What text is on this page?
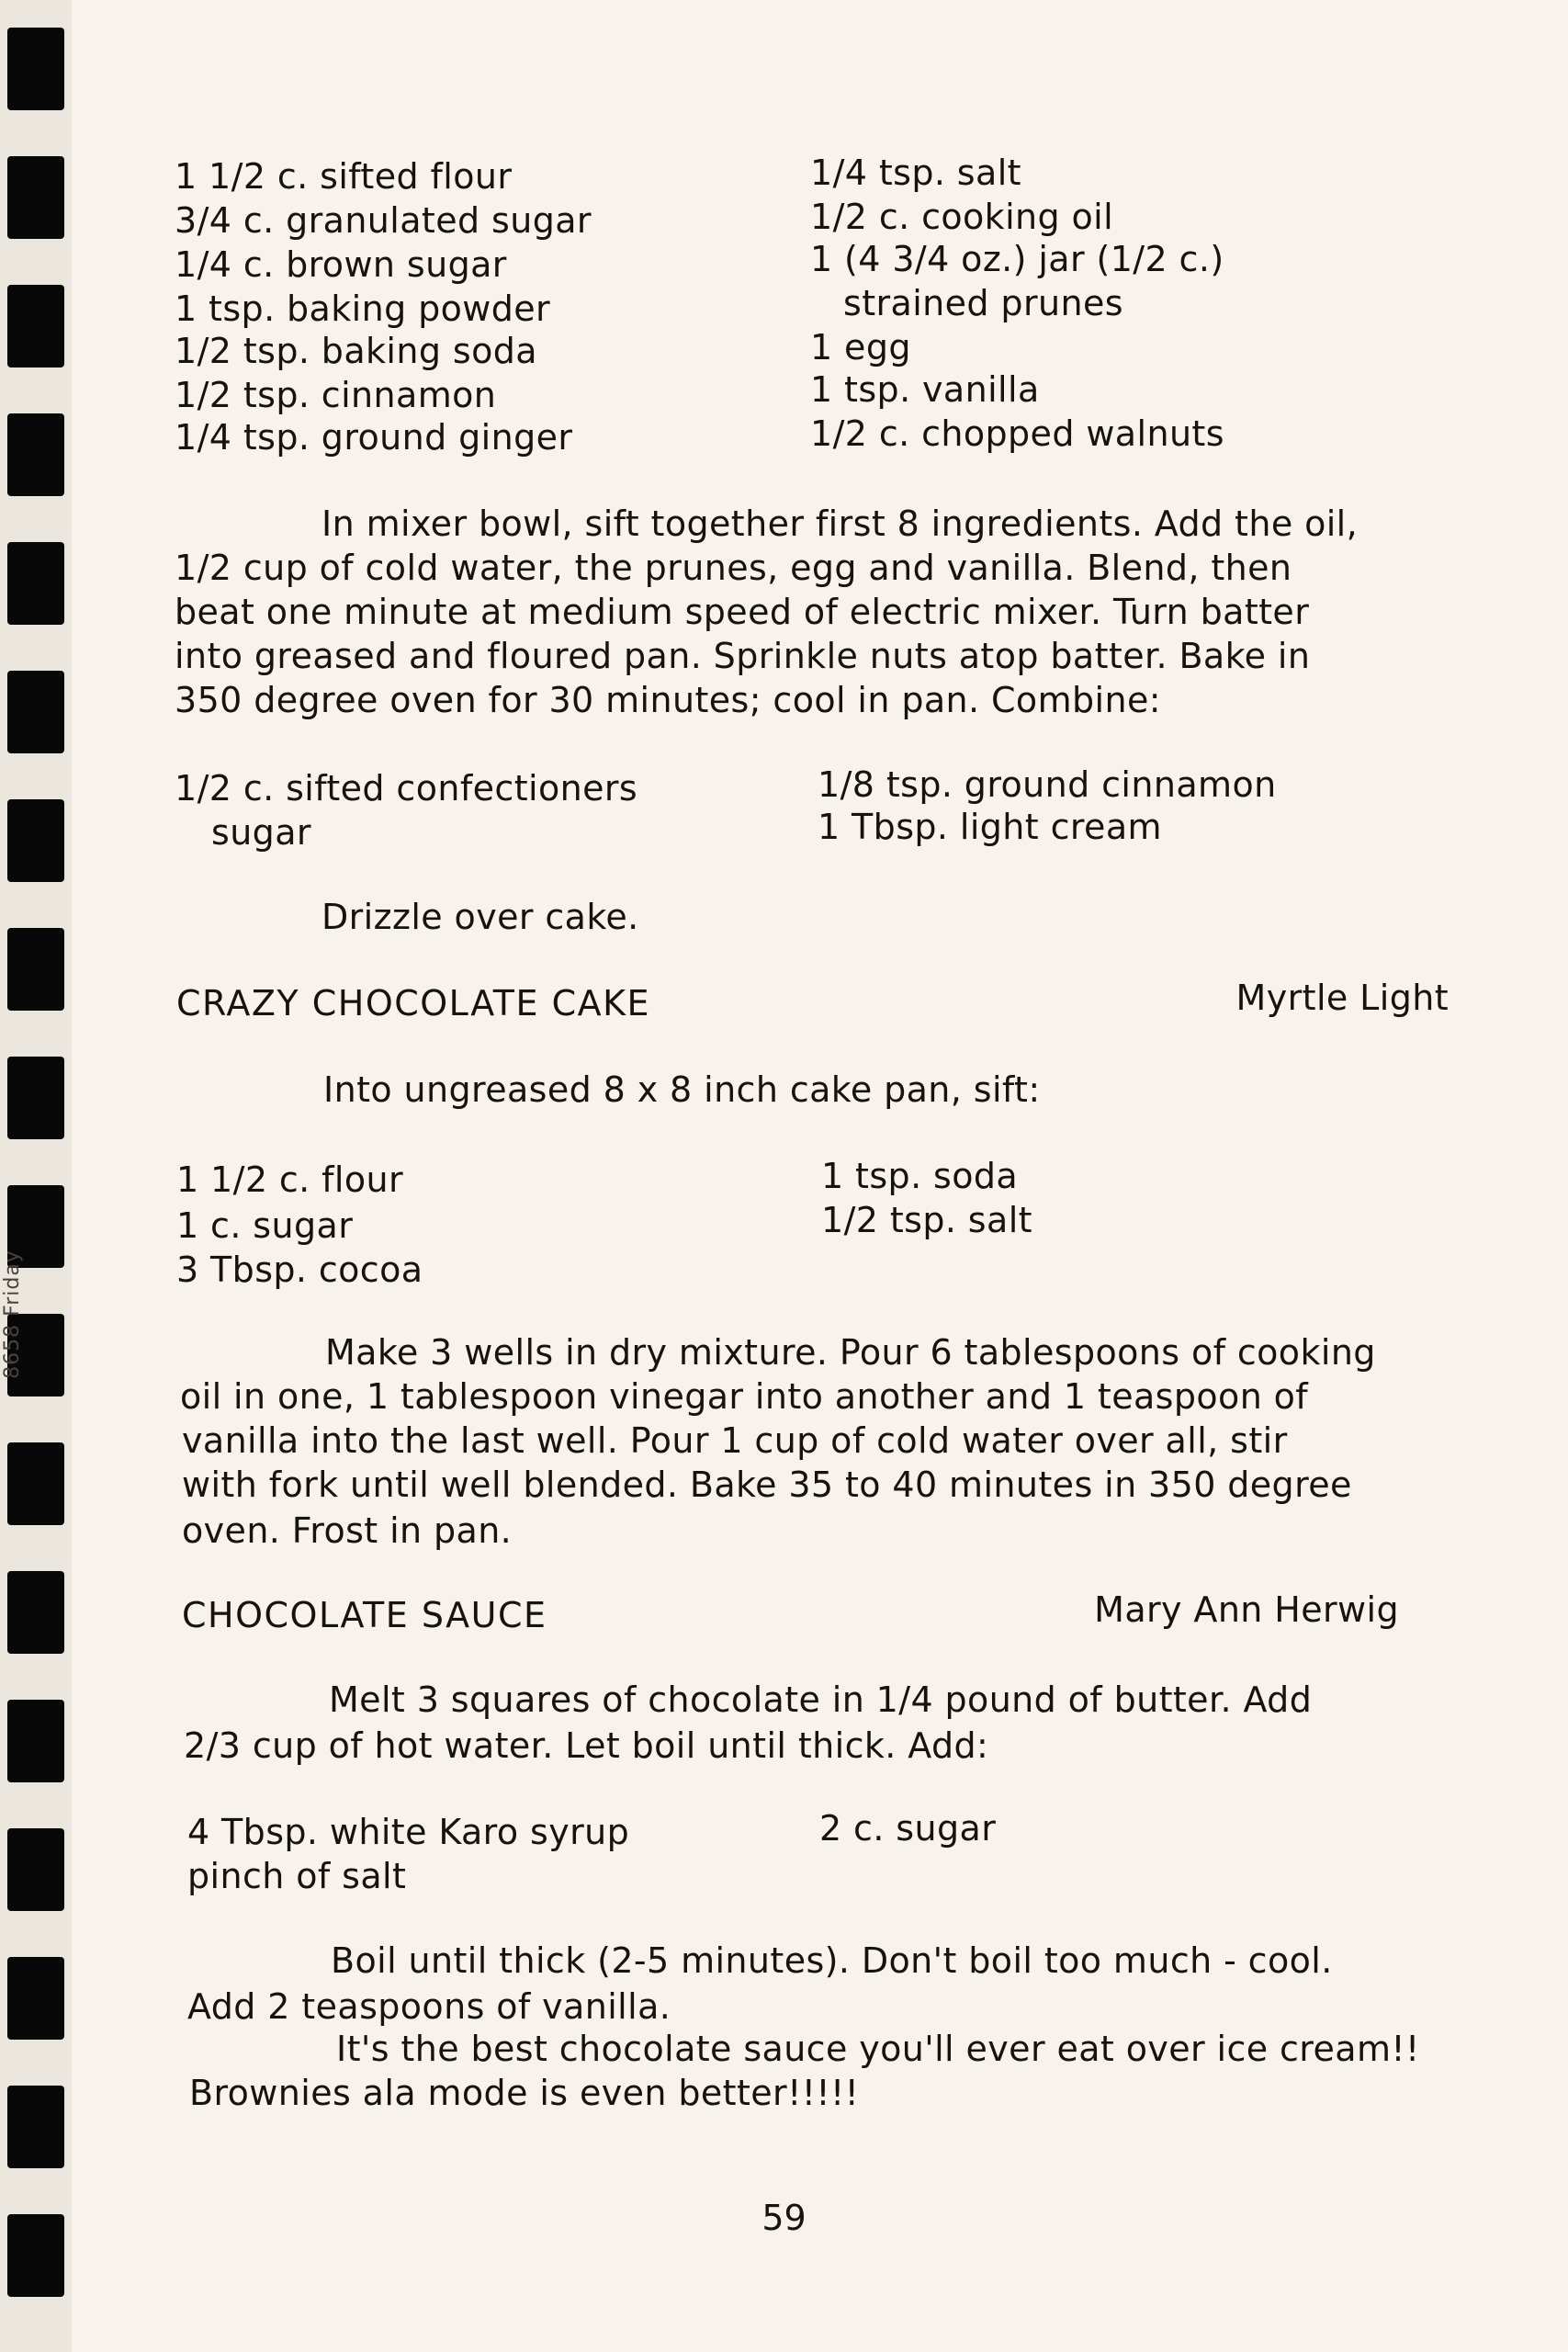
8658 Friday
1 1/2 c. sifted flour
3/4 c. granulated sugar
1/4 c. brown sugar
1 tsp. baking powder
1/2 tsp. baking soda
1/2 tsp. cinnamon
1/4 tsp. ground ginger
1/4 tsp. salt
1/2 c. cooking oil
1 (4 3/4 oz.) jar (1/2 c.)
strained prunes
1 egg
1 tsp. vanilla
1/2 c. chopped walnuts
In mixer bowl, sift together first 8 ingredients. Add the oil,
1/2 cup of cold water, the prunes, egg and vanilla. Blend, then
beat one minute at medium speed of electric mixer. Turn batter
into greased and floured pan. Sprinkle nuts atop batter. Bake in
350 degree oven for 30 minutes; cool in pan. Combine:
1/2 c. sifted confectioners
sugar
1/8 tsp. ground cinnamon
1 Tbsp. light cream
Drizzle over cake.
CRAZY CHOCOLATE CAKE	Myrtle Light
Into ungreased 8 x 8 inch cake pan, sift:
1 1/2 c. flour
1 c. sugar
3 Tbsp. cocoa
1 tsp. soda
1/2 tsp. salt
Make 3 wells in dry mixture. Pour 6 tablespoons of cooking
oil in one, 1 tablespoon vinegar into another and 1 teaspoon of
vanilla into the last well. Pour 1 cup of cold water over all, stir
with fork until well blended. Bake 35 to 40 minutes in 350 degree
oven. Frost in pan.
CHOCOLATE SAUCE	Mary Ann Herwig
Melt 3 squares of chocolate in 1/4 pound of butter. Add
2/3 cup of hot water. Let boil until thick. Add:
4 Tbsp. white Karo syrup
pinch of salt
2 c. sugar
Boil until thick (2-5 minutes). Don't boil too much - cool.
Add 2 teaspoons of vanilla.
It's the best chocolate sauce you'll ever eat over ice cream!!
Brownies ala mode is even better!!!!!
59
